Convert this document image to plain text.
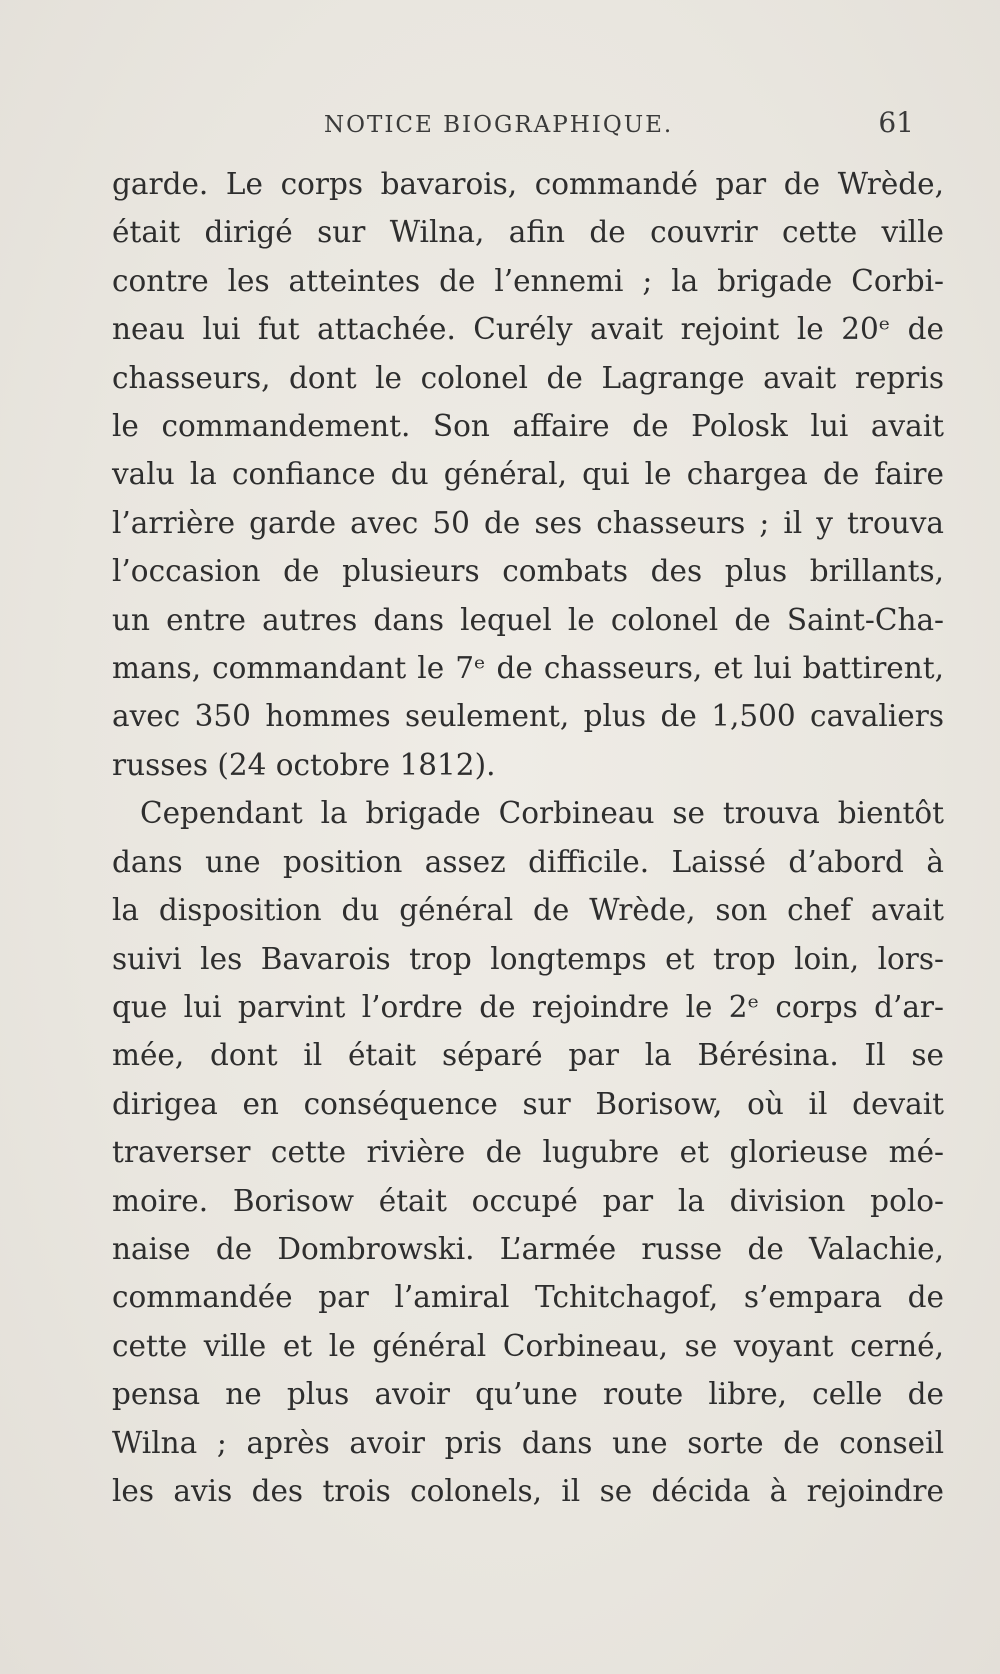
NOTICE BIOGRAPHIQUE.	61

garde. Le corps bavarois, commandé par de Wrède,
était dirigé sur Wilna, afin de couvrir cette ville
contre les atteintes de l’ennemi ; la brigade Corbi-
neau lui fut attachée. Curély avait rejoint le 20ᵉ de
chasseurs, dont le colonel de Lagrange avait repris
le commandement. Son affaire de Polosk lui avait
valu la confiance du général, qui le chargea de faire
l’arrière garde avec 50 de ses chasseurs ; il y trouva
l’occasion de plusieurs combats des plus brillants,
un entre autres dans lequel le colonel de Saint-Cha-
mans, commandant le 7ᵉ de chasseurs, et lui battirent,
avec 350 hommes seulement, plus de 1,500 cavaliers
russes (24 octobre 1812).

Cependant la brigade Corbineau se trouva bientôt
dans une position assez difficile. Laissé d’abord à
la disposition du général de Wrède, son chef avait
suivi les Bavarois trop longtemps et trop loin, lors-
que lui parvint l’ordre de rejoindre le 2ᵉ corps d’ar-
mée, dont il était séparé par la Bérésina. Il se
dirigea en conséquence sur Borisow, où il devait
traverser cette rivière de lugubre et glorieuse mé-
moire. Borisow était occupé par la division polo-
naise de Dombrowski. L’armée russe de Valachie,
commandée par l’amiral Tchitchagof, s’empara de
cette ville et le général Corbineau, se voyant cerné,
pensa ne plus avoir qu’une route libre, celle de
Wilna ; après avoir pris dans une sorte de conseil
les avis des trois colonels, il se décida à rejoindre
